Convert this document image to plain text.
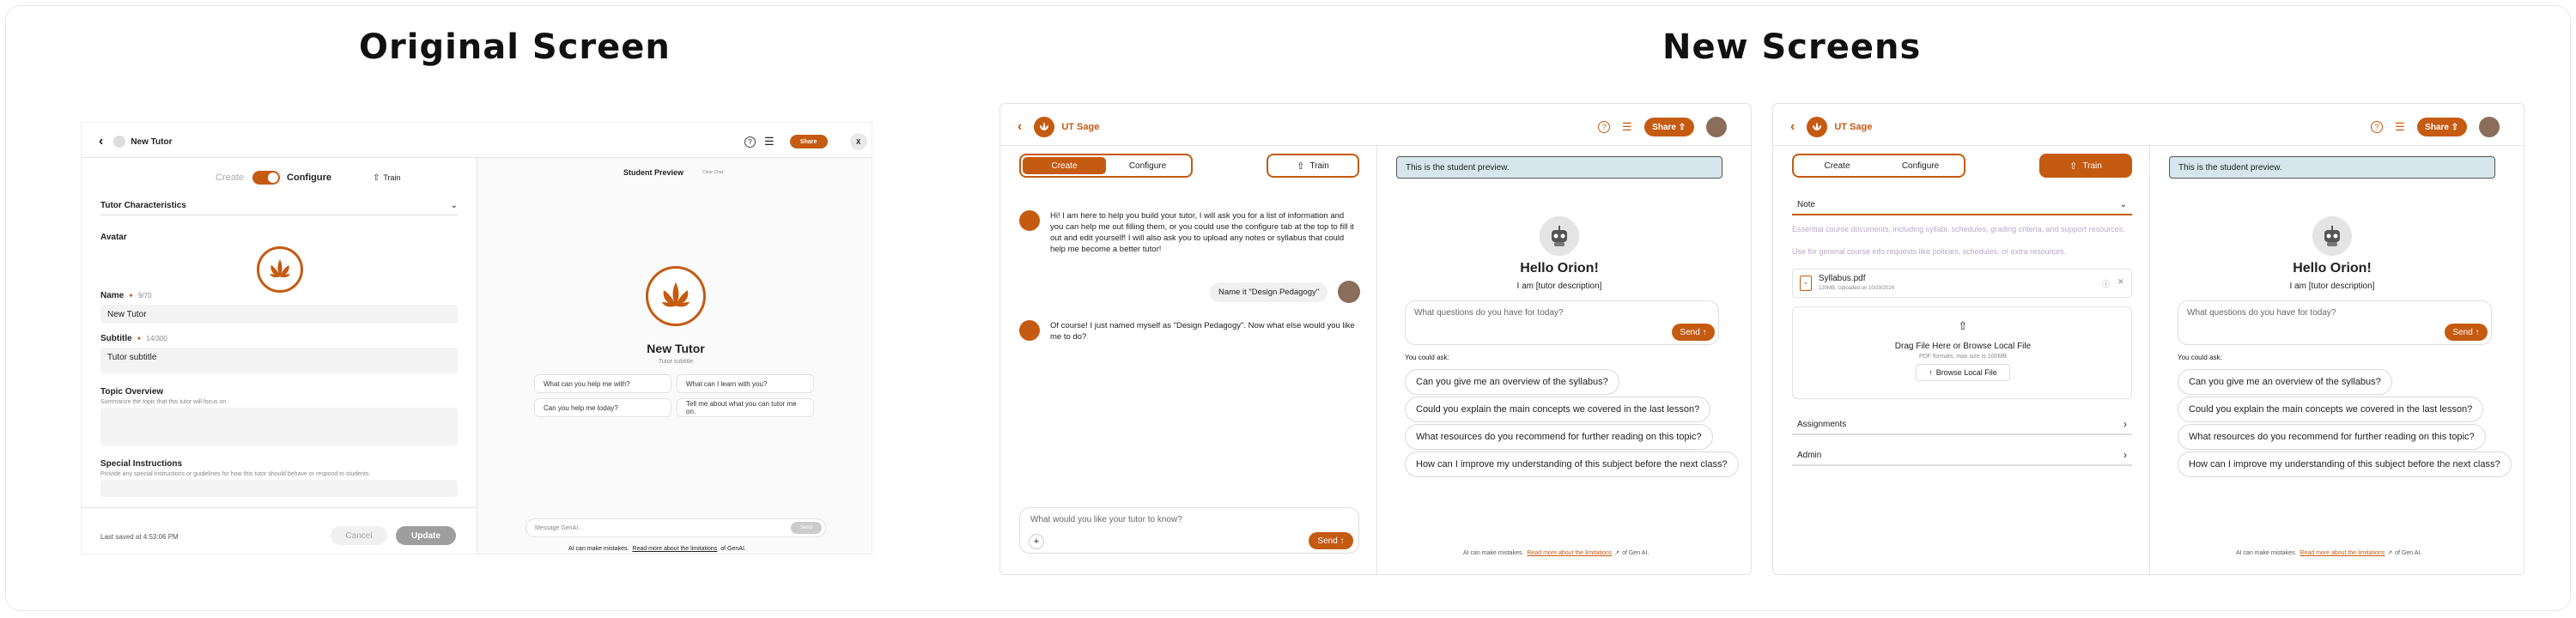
Original Screen	New Screens
‹	New Tutor	?	☰	Share	X
Create	Configure	⇧ Train
Tutor Characteristics	⌄
Avatar
Name ✦ 9/70
New Tutor
Subtitle ✦ 14/300
Tutor subtitle
Topic Overview
Summarize the topic that this tutor will focus on.
Special Instructions
Provide any special instructions or guidelines for how this tutor should behave or respond to students.
Last saved at 4:53:06 PM	Cancel	Update
Student Preview	Clear Chat
New Tutor
Tutor subtitle
What can you help me with?	What can I learn with you?
Can you help me today?	Tell me about what you can tutor me on.
Message GenAI...	Send
AI can make mistakes. Read more about the limitations of GenAI.
‹	UT Sage	?	☰ Share ⇧
Create	Configure	⇧ Train
Hi! I am here to help you build your tutor, I will ask you for a list of information and you can help me out filling them, or you could use the configure tab at the top to fill it out and edit yourself! I will also ask you to upload any notes or syllabus that could help me become a better tutor!
Name it "Design Pedagogy"
Of course! I just named myself as "Design Pedagogy". Now what else would you like me to do?
What would you like your tutor to know?
+	Send ↑
This is the student preview.
Hello Orion!
I am [tutor description]
What questions do you have for today?
Send ↑
You could ask:
Can you give me an overview of the syllabus?
Could you explain the main concepts we covered in the last lesson?
What resources do you recommend for further reading on this topic?
How can I improve my understanding of this subject before the next class?
AI can make mistakes. Read more about the limitations ↗ of Gen AI.
‹	UT Sage	?	☰ Share ⇧
Create	Configure	⇧ Train
Note	⌄
Essential course documents, including syllabi, schedules, grading criteria, and support resources.
Use for general course info requests like policies, schedules, or extra resources.
⌁
Syllabus.pdf
120MB, Uploaded on 10/29/2024	ⓘ ✕
⇧
Drag File Here or Browse Local File
PDF formats, max size is 100MB
↑ Browse Local File
Assignments	›
Admin	›
This is the student preview.
Hello Orion!
I am [tutor description]
What questions do you have for today?
Send ↑
You could ask:
Can you give me an overview of the syllabus?
Could you explain the main concepts we covered in the last lesson?
What resources do you recommend for further reading on this topic?
How can I improve my understanding of this subject before the next class?
AI can make mistakes. Read more about the limitations ↗ of Gen AI.
